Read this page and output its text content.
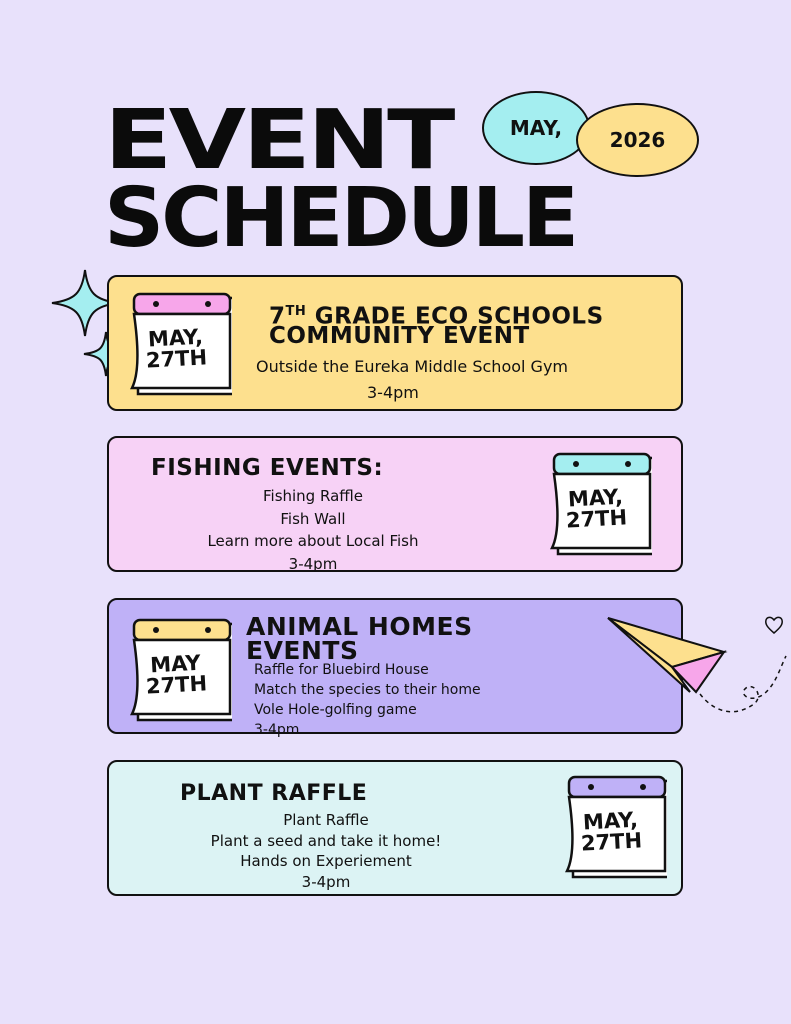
EVENT
SCHEDULE
MAY, 2026
MAY,
27TH
7TH GRADE ECO SCHOOLS
COMMUNITY EVENT
Outside the Eureka Middle School Gym
3-4pm
FISHING EVENTS:
Fishing Raffle
Fish Wall
Learn more about Local Fish
3-4pm
MAY,
27TH
MAY
27TH
ANIMAL HOMES
EVENTS
Raffle for Bluebird House
Match the species to their home
Vole Hole-golfing game
3-4pm
PLANT RAFFLE
Plant Raffle
Plant a seed and take it home!
Hands on Experiement
3-4pm
MAY,
27TH
